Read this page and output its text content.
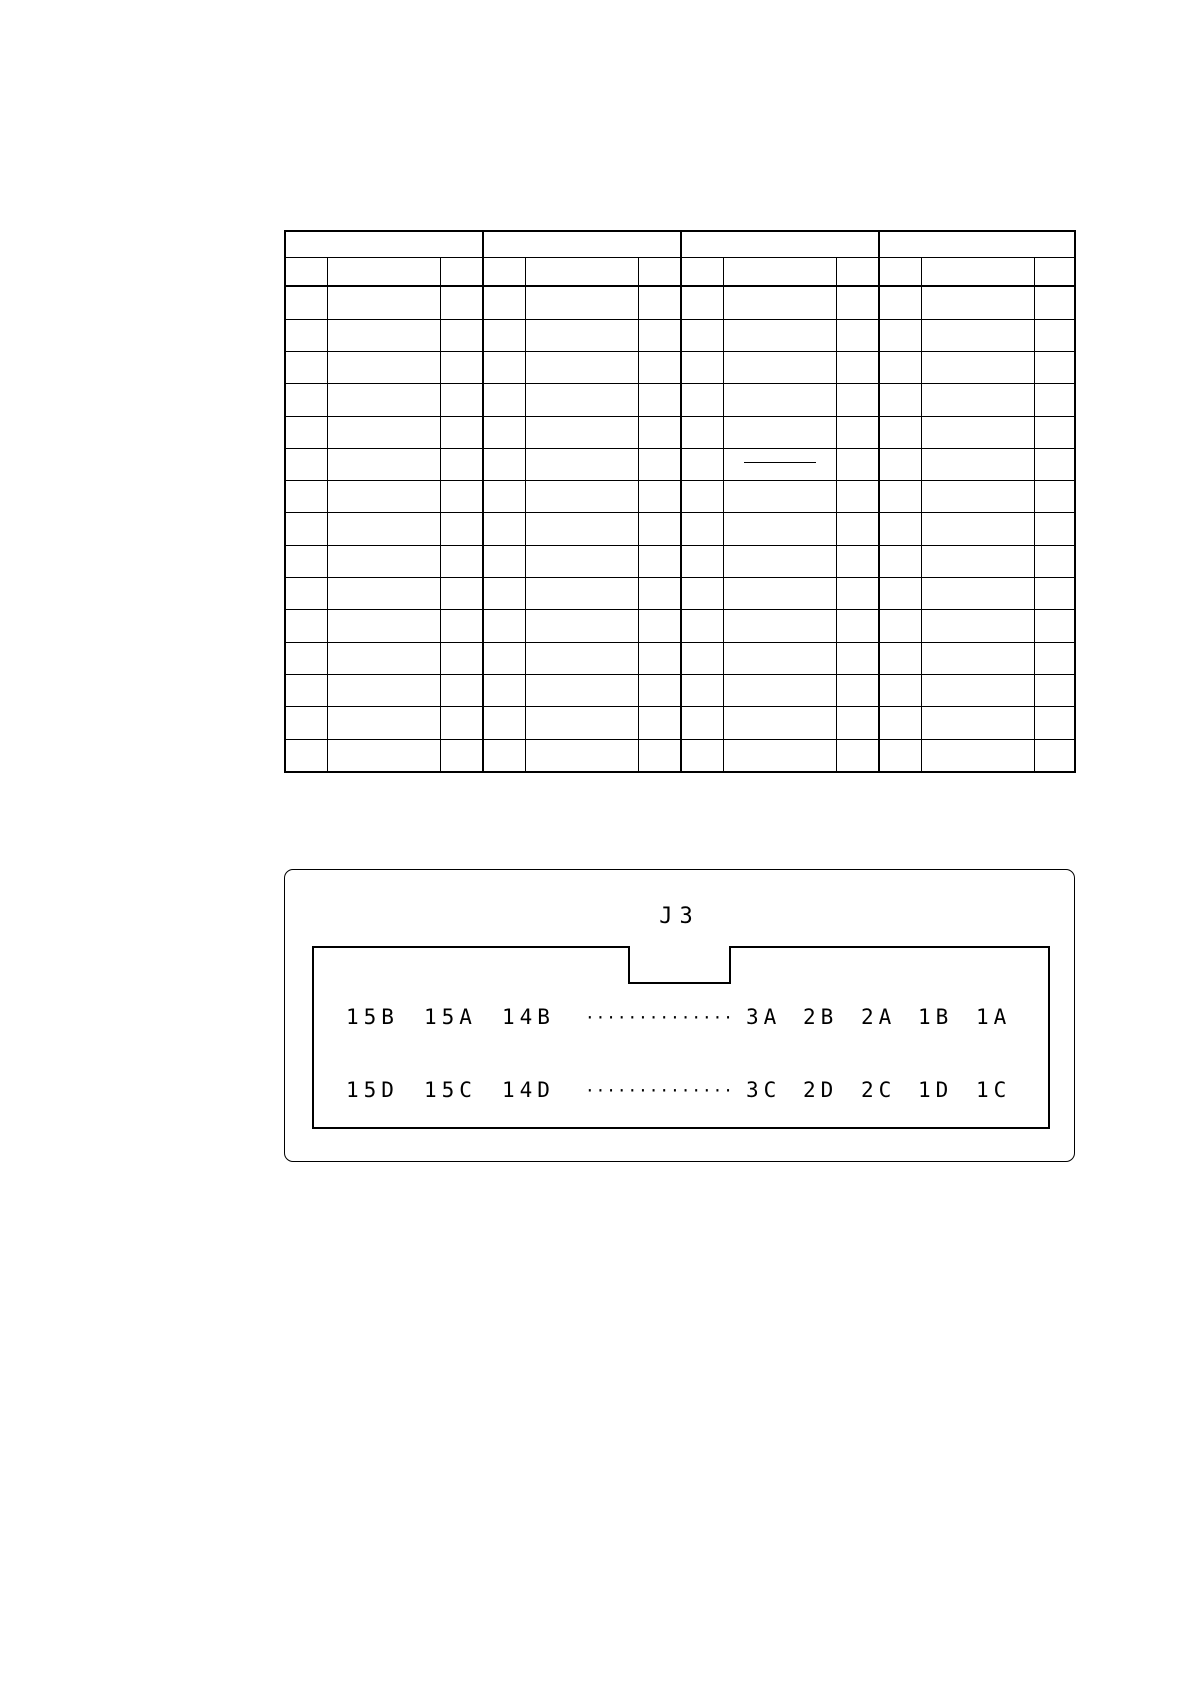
J3
15B 15A 14B ·············· 3A 2B 2A 1B 1A
15D 15C 14D ·············· 3C 2D 2C 1D 1C
